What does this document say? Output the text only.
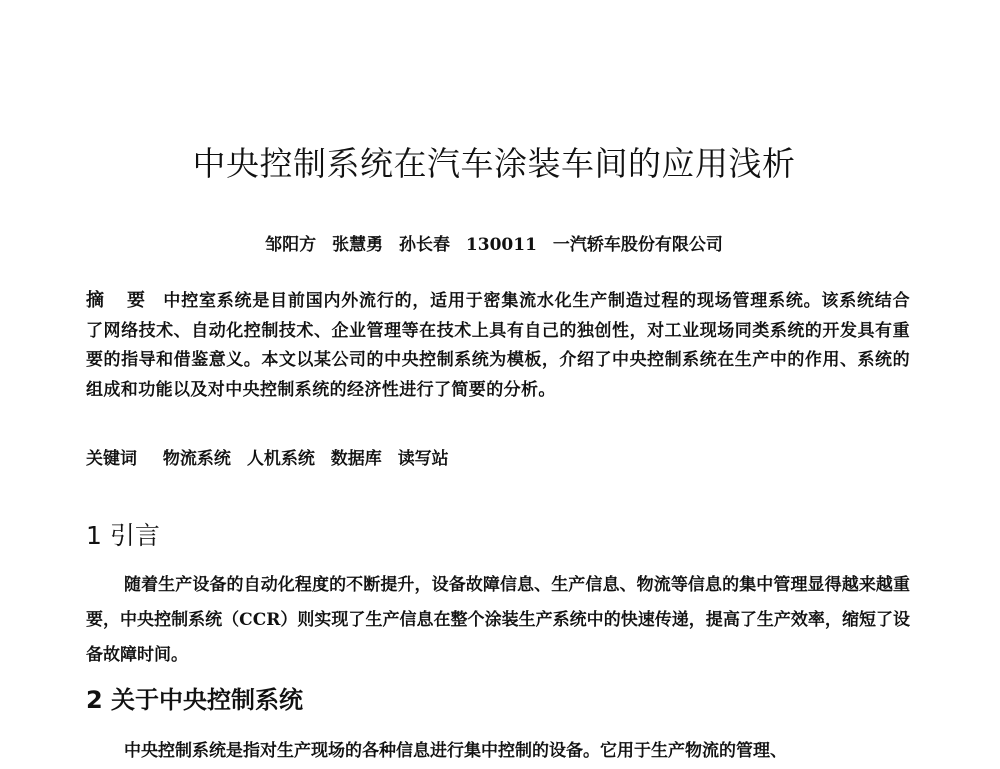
中央控制系统在汽车涂装车间的应用浅析
邹阳方 张慧勇 孙长春 130011 一汽轿车股份有限公司
摘 要 中控室系统是目前国内外流行的，适用于密集流水化生产制造过程的现场管理系统。该系统结合了网络技术、自动化控制技术、企业管理等在技术上具有自己的独创性，对工业现场同类系统的开发具有重要的指导和借鉴意义。本文以某公司的中央控制系统为模板，介绍了中央控制系统在生产中的作用、系统的组成和功能以及对中央控制系统的经济性进行了简要的分析。
关键词 物流系统 人机系统 数据库 读写站
1 引言

随着生产设备的自动化程度的不断提升，设备故障信息、生产信息、物流等信息的集中管理显得越来越重要，中央控制系统（CCR）则实现了生产信息在整个涂装生产系统中的快速传递，提高了生产效率，缩短了设备故障时间。

2 关于中央控制系统

中央控制系统是指对生产现场的各种信息进行集中控制的设备。它用于生产物流的管理、
